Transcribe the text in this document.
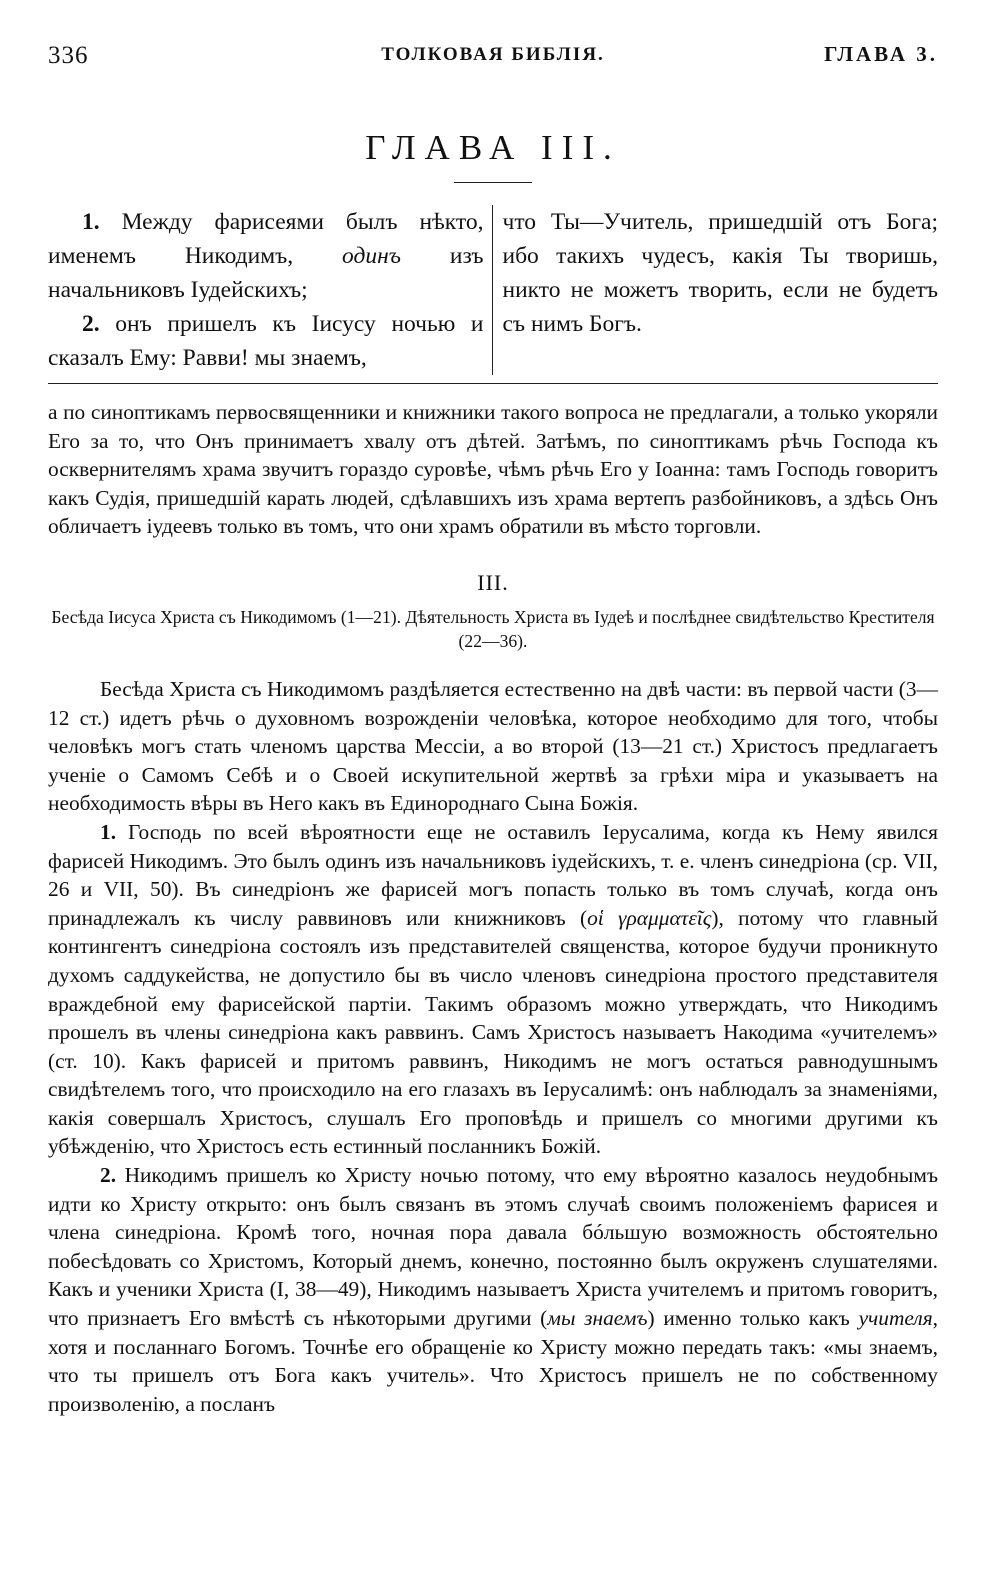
336	ТОЛКОВАЯ БИБЛІЯ.	ГЛАВА 3.
ГЛАВА III.

1. Между фарисеями былъ нѣкто, именемъ Никодимъ, одинъ изъ начальниковъ Іудейскихъ;

2. онъ пришелъ къ Іисусу ночью и сказалъ Ему: Равви! мы знаемъ,

что Ты—Учитель, пришедшій отъ Бога; ибо такихъ чудесъ, какія Ты творишь, никто не можетъ творить, если не будетъ съ нимъ Богъ.

а по синоптикамъ первосвященники и книжники такого вопроса не предлагали, а только укоряли Его за то, что Онъ принимаетъ хвалу отъ дѣтей. Затѣмъ, по синоптикамъ рѣчь Господа къ осквернителямъ храма звучитъ гораздо суровѣе, чѣмъ рѣчь Его у Іоанна: тамъ Господь говоритъ какъ Судія, пришедшій карать людей, сдѣлавшихъ изъ храма вертепъ разбойниковъ, а здѣсь Онъ обличаетъ іудеевъ только въ томъ, что они храмъ обратили въ мѣсто торговли.

III.
Бесѣда Іисуса Христа съ Никодимомъ (1—21). Дѣятельность Христа въ Іудеѣ и послѣднее свидѣтельство Крестителя (22—36).

Бесѣда Христа съ Никодимомъ раздѣляется естественно на двѣ части: въ первой части (3—12 ст.) идетъ рѣчь о духовномъ возрожденіи человѣка, которое необходимо для того, чтобы человѣкъ могъ стать членомъ царства Мессіи, а во второй (13—21 ст.) Христосъ предлагаетъ ученіе о Самомъ Себѣ и о Своей искупительной жертвѣ за грѣхи міра и указываетъ на необходимость вѣры въ Него какъ въ Единороднаго Сына Божія.

1. Господь по всей вѣроятности еще не оставилъ Іерусалима, когда къ Нему явился фарисей Никодимъ. Это былъ одинъ изъ начальниковъ іудейскихъ, т. е. членъ синедріона (ср. VII, 26 и VII, 50). Въ синедріонъ же фарисей могъ попасть только въ томъ случаѣ, когда онъ принадлежалъ къ числу раввиновъ или книжниковъ (οἱ γραμματεῖς), потому что главный контингентъ синедріона состоялъ изъ представителей священства, которое будучи проникнуто духомъ саддукейства, не допустило бы въ число членовъ синедріона простого представителя враждебной ему фарисейской партіи. Такимъ образомъ можно утверждать, что Никодимъ прошелъ въ члены синедріона какъ раввинъ. Самъ Христосъ называетъ Накодима «учителемъ» (ст. 10). Какъ фарисей и притомъ раввинъ, Никодимъ не могъ остаться равнодушнымъ свидѣтелемъ того, что происходило на его глазахъ въ Іерусалимѣ: онъ наблюдалъ за знаменіями, какія совершалъ Христосъ, слушалъ Его проповѣдь и пришелъ со многими другими къ убѣжденію, что Христосъ есть естинный посланникъ Божій.

2. Никодимъ пришелъ ко Христу ночью потому, что ему вѣроятно казалось неудобнымъ идти ко Христу открыто: онъ былъ связанъ въ этомъ случаѣ своимъ положеніемъ фарисея и члена синедріона. Кромѣ того, ночная пора давала бóльшую возможность обстоятельно побесѣдовать со Христомъ, Который днемъ, конечно, постоянно былъ окруженъ слушателями. Какъ и ученики Христа (I, 38—49), Никодимъ называетъ Христа учителемъ и притомъ говоритъ, что признаетъ Его вмѣстѣ съ нѣкоторыми другими (мы знаемъ) именно только какъ учителя, хотя и посланнаго Богомъ. Точнѣе его обращеніе ко Христу можно передать такъ: «мы знаемъ, что ты пришелъ отъ Бога какъ учитель». Что Христосъ пришелъ не по собственному произволенію, а посланъ
